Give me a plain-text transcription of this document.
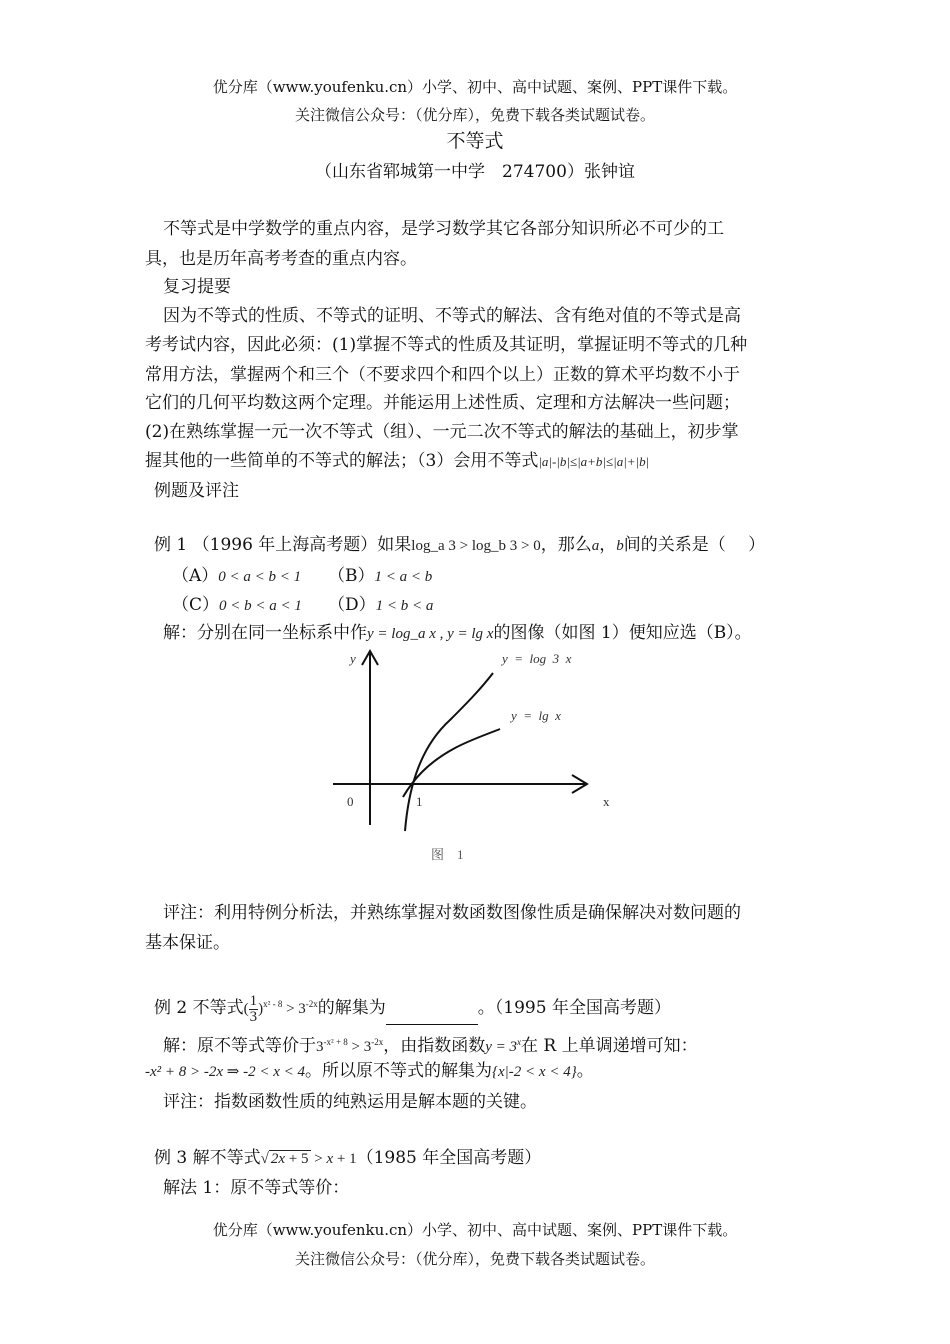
优分库（www.youfenku.cn）小学、初中、高中试题、案例、PPT课件下载。
关注微信公众号：（优分库），免费下载各类试题试卷。
不等式
（山东省郓城第一中学　274700）张钟谊
不等式是中学数学的重点内容，是学习数学其它各部分知识所必不可少的工
具，也是历年高考考查的重点内容。
复习提要
因为不等式的性质、不等式的证明、不等式的解法、含有绝对值的不等式是高
考考试内容，因此必须：(1)掌握不等式的性质及其证明，掌握证明不等式的几种
常用方法，掌握两个和三个（不要求四个和四个以上）正数的算术平均数不小于
它们的几何平均数这两个定理。并能运用上述性质、定理和方法解决一些问题；
(2)在熟练掌握一元一次不等式（组）、一元二次不等式的解法的基础上，初步掌
握其他的一些简单的不等式的解法；（3）会用不等式|a|-|b|≤|a+b|≤|a|+|b|
例题及评注
例 1 （1996 年上海高考题）如果log_a 3 > log_b 3 > 0，那么a，b间的关系是（　 ）
（A）0 < a < b < 1 （B）1 < a < b
（C）0 < b < a < 1 （D）1 < b < a
解：分别在同一坐标系中作y = log_a x , y = lg x的图像（如图 1）便知应选（B）。
y
x
0	1
y  =  log  3  x
y  =  lg  x
图　1
评注：利用特例分析法，并熟练掌握对数函数图像性质是确保解决对数问题的
基本保证。
例 2 不等式( $\frac{1}{3} )^{x^2 - 8} > 3^{-2x}$的解集为	。（1995 年全国高考题）
解：原不等式等价于$3^{-x^2 + 8} > 3^{-2x}$，由指数函数$y = 3^x$在 R 上单调递增可知：
-x² + 8 > -2x ⇒ -2 < x < 4。所以原不等式的解集为{x|-2 < x < 4}。
评注：指数函数性质的纯熟运用是解本题的关键。
例 3 解不等式√ 2x + 5 > x + 1（1985 年全国高考题）
解法 1：原不等式等价：
优分库（www.youfenku.cn）小学、初中、高中试题、案例、PPT课件下载。
关注微信公众号：（优分库），免费下载各类试题试卷。
